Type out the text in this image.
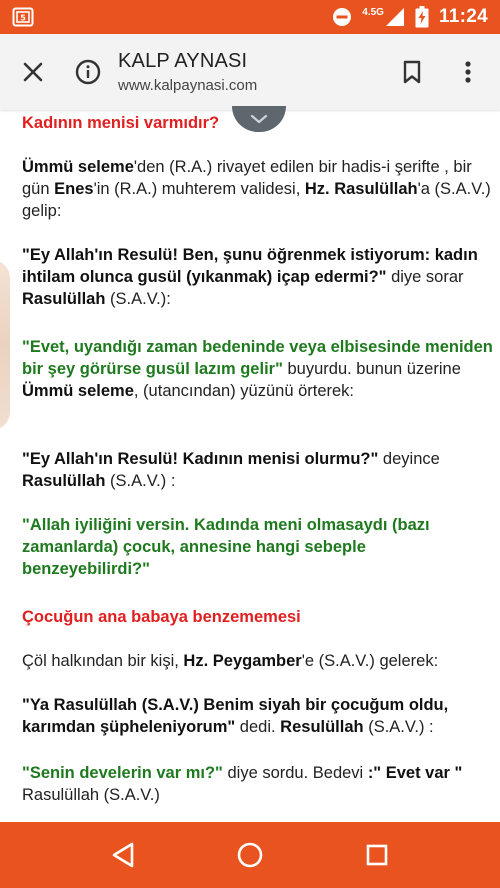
5	4.5G	11:24
KALP AYNASI
www.kalpaynasi.com
Kadının menisi varmıdır?
Ümmü seleme'den (R.A.) rivayet edilen bir hadis-i şerifte , bir gün Enes'in (R.A.) muhterem validesi, Hz. Rasulüllah'a (S.A.V.) gelip:
"Ey Allah'ın Resulü! Ben, şunu öğrenmek istiyorum: kadın ihtilam olunca gusül (yıkanmak) içap edermi?" diye sorar Rasulüllah (S.A.V.):
"Evet, uyandığı zaman bedeninde veya elbisesinde meniden bir şey görürse gusül lazım gelir" buyurdu. bunun üzerine Ümmü seleme, (utancından) yüzünü örterek:
"Ey Allah'ın Resulü! Kadının menisi olurmu?" deyince Rasulüllah (S.A.V.) :
"Allah iyiliğini versin. Kadında meni olmasaydı (bazı zamanlarda) çocuk, annesine hangi sebeple benzeyebilirdi?"
Çocuğun ana babaya benzememesi
Çöl halkından bir kişi, Hz. Peygamber'e (S.A.V.) gelerek:
"Ya Rasulüllah (S.A.V.) Benim siyah bir çocuğum oldu, karımdan şüpheleniyorum" dedi. Resulüllah (S.A.V.) :
"Senin develerin var mı?" diye sordu. Bedevi :" Evet var "
Rasulüllah (S.A.V.)
